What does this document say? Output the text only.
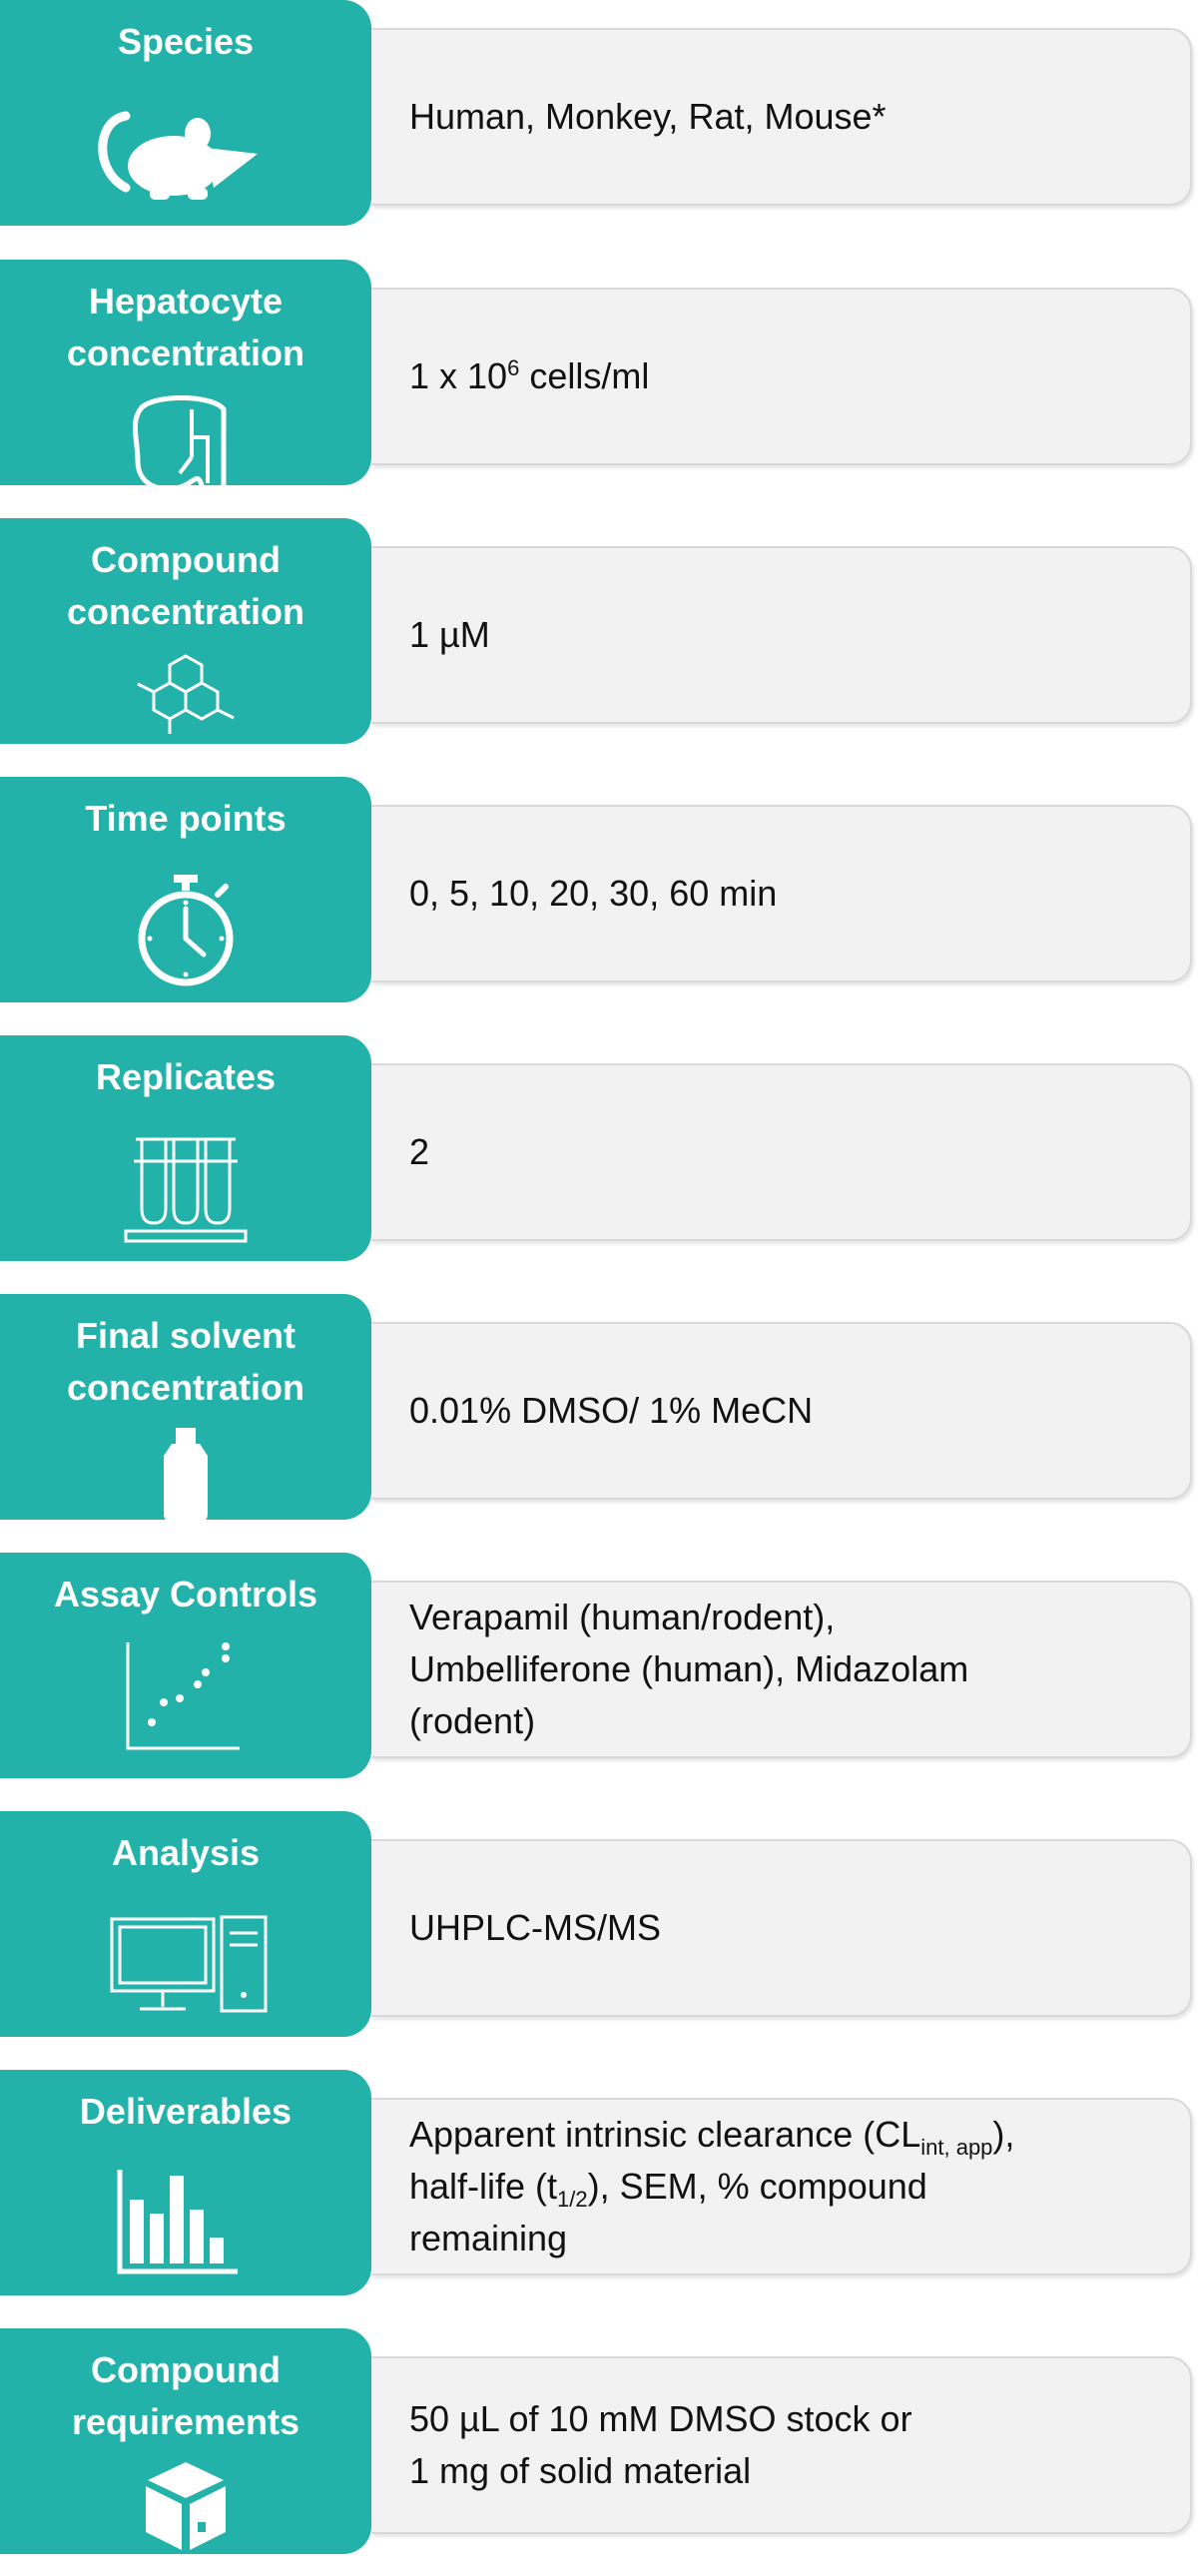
Species
Human, Monkey, Rat, Mouse*
Hepatocyte
concentration
1 x $10^6$ cells/ml
Compound
concentration
1 µM
Time points
0, 5, 10, 20, 30, 60 min
Replicates
2
Final solvent
concentration
0.01% DMSO/ 1% MeCN
Assay Controls
Verapamil (human/rodent),
Umbelliferone (human), Midazolam
(rodent)
Analysis
UHPLC-MS/MS
Deliverables
Apparent intrinsic clearance $(CL_{int, app})$,
half-life $(t_{1/2})$, SEM, % compound
remaining
Compound
requirements	50 µL of 10 mM DMSO stock or
1 mg of solid material
